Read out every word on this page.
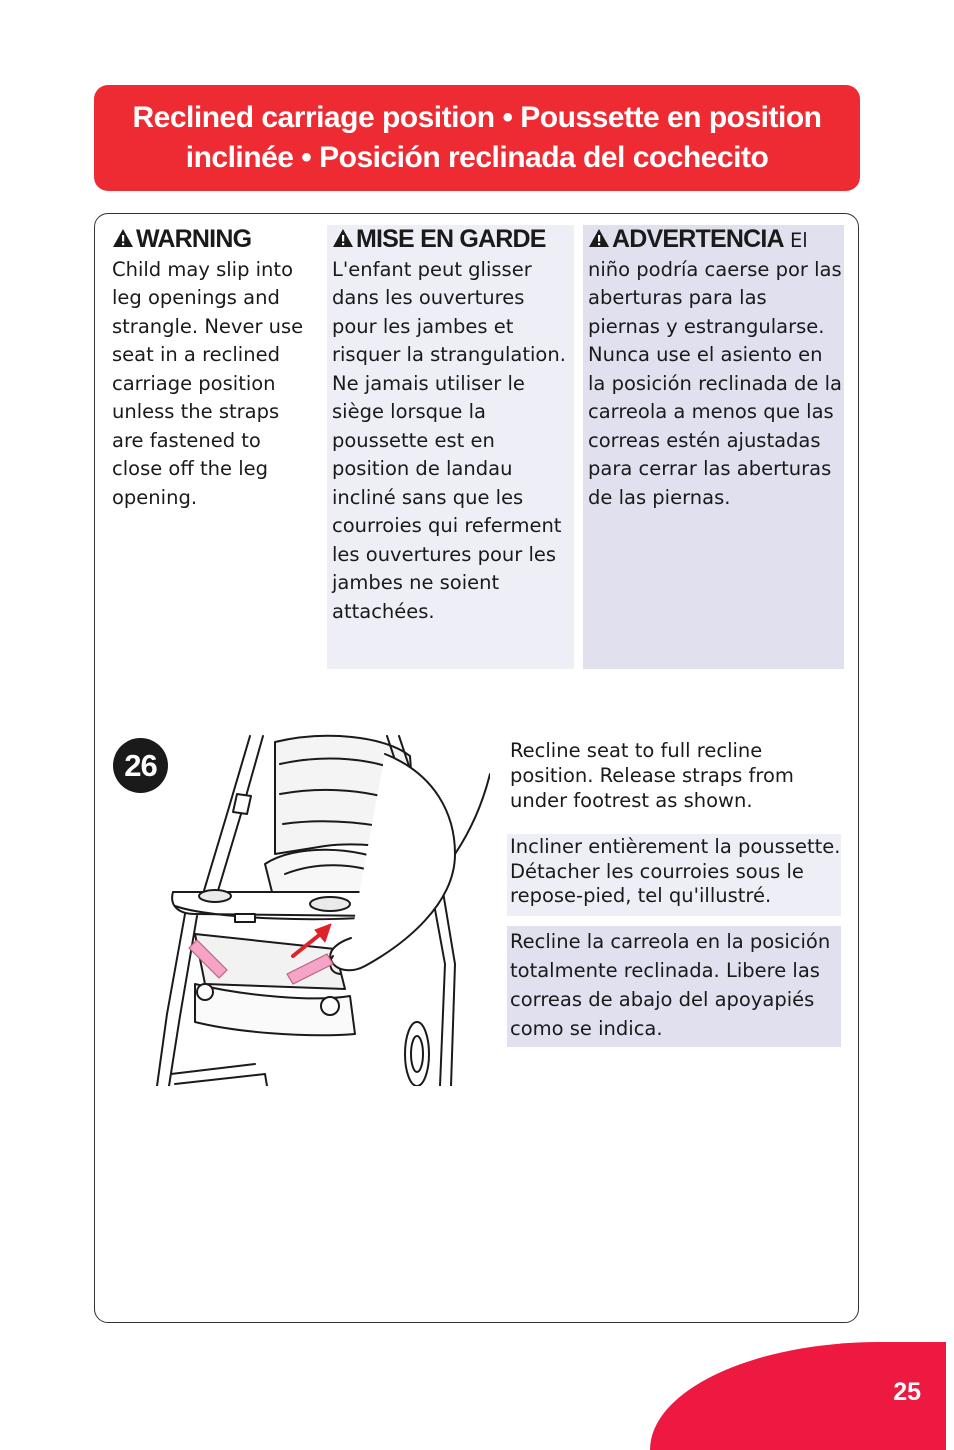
Reclined carriage position • Poussette en position
inclinée • Posición reclinada del cochecito
WARNING
Child may slip into leg openings and strangle. Never use seat in a reclined carriage position unless the straps are fastened to close off the leg opening.
MISE EN GARDE
L'enfant peut glisser dans les ouvertures pour les jambes et risquer la strangulation. Ne jamais utiliser le siège lorsque la poussette est en position de landau incliné sans que les courroies qui referment les ouvertures pour les jambes ne soient attachées.
ADVERTENCIA El niño podría caerse por las aberturas para las piernas y estrangularse. Nunca use el asiento en la posición reclinada de la carreola a menos que las correas estén ajustadas para cerrar las aberturas de las piernas.
26	Recline seat to full recline position. Release straps from under footrest as shown.
Incliner entièrement la poussette. Détacher les courroies sous le repose-pied, tel qu'illustré.
Recline la carreola en la posición totalmente reclinada. Libere las correas de abajo del apoyapiés como se indica.
25
